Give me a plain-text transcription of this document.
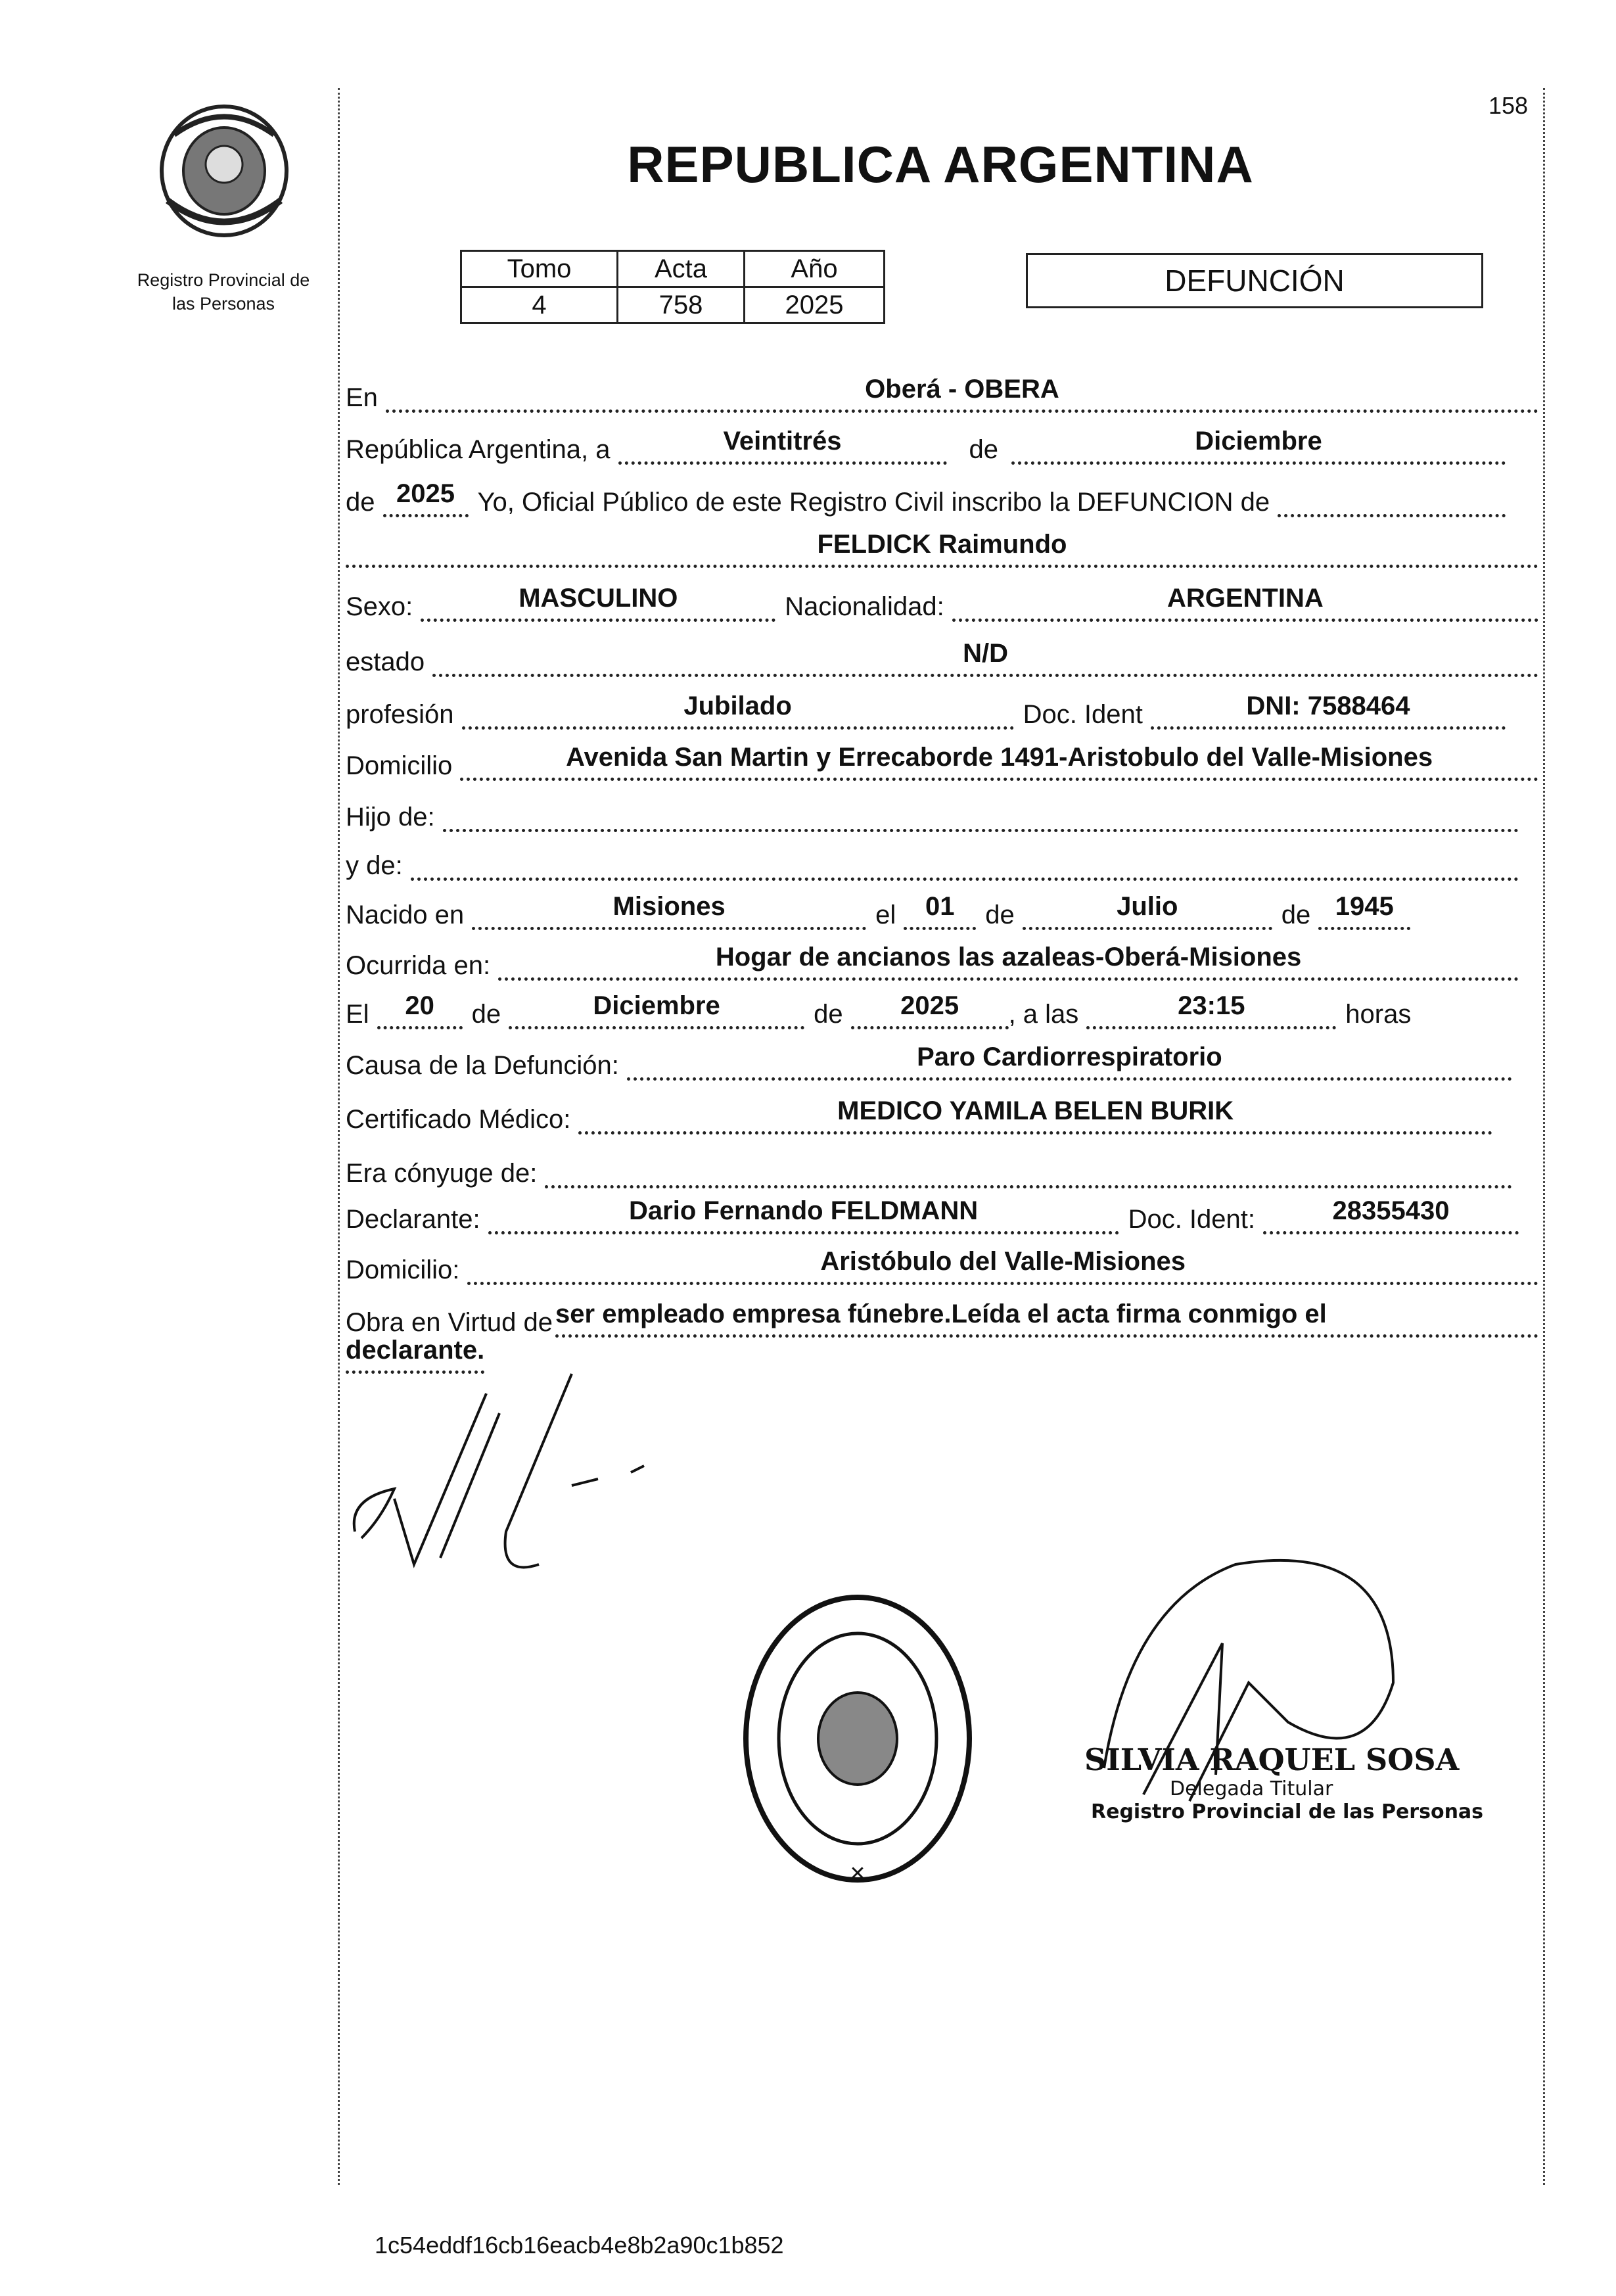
Registro Provincial de
las Personas
158
REPUBLICA ARGENTINA
Tomo	Acta	Año
4	758	2025
DEFUNCIÓN
En	Oberá - OBERA
República Argentina, a	Veintitrés	de	Diciembre
de 2025 Yo, Oficial Público de este Registro Civil inscribo la DEFUNCION de
FELDICK Raimundo
Sexo:	MASCULINO	Nacionalidad:	ARGENTINA
estado	N/D
profesión	Jubilado	Doc. Ident	DNI: 7588464
Domicilio	Avenida San Martin y Errecaborde 1491-Aristobulo del Valle-Misiones
Hijo de:
y de:
Nacido en	Misiones	el	01	de	Julio	de 1945
Ocurrida en:	Hogar de ancianos las azaleas-Oberá-Misiones
El	20	de	Diciembre	de	2025	, a las	23:15	horas
Causa de la Defunción:	Paro Cardiorrespiratorio
Certificado Médico:	MEDICO YAMILA BELEN BURIK
Era cónyuge de:
Declarante:	Dario Fernando FELDMANN	Doc. Ident:	28355430
Domicilio:	Aristóbulo del Valle-Misiones
Obra en Virtud de ser empleado empresa fúnebre.Leída el acta firma conmigo el
declarante.
✕
SILVIA RAQUEL SOSA
Delegada Titular
Registro Provincial de las Personas
1c54eddf16cb16eacb4e8b2a90c1b852
